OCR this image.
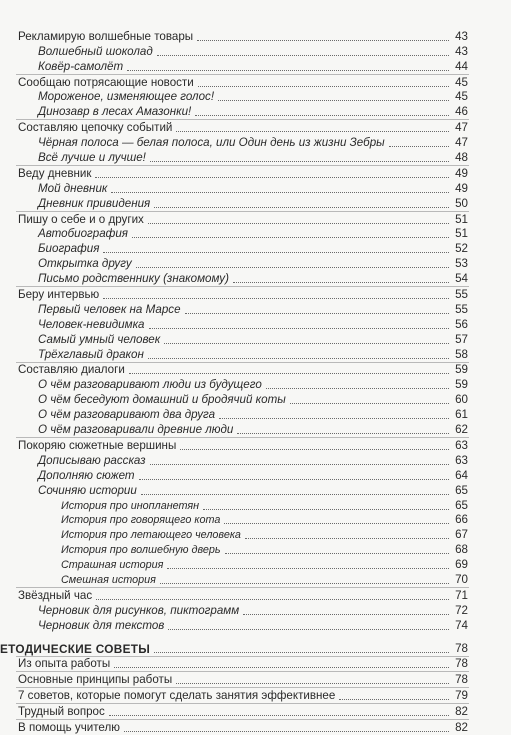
Рекламирую волшебные товары	43
Волшебный шоколад	43
Ковёр-самолёт	44
Сообщаю потрясающие новости	45
Мороженое, изменяющее голос!	45
Динозавр в лесах Амазонки!	46
Составляю цепочку событий	47
Чёрная полоса — белая полоса, или Один день из жизни Зебры	47
Всё лучше и лучше!	48
Веду дневник	49
Мой дневник	49
Дневник привидения	50
Пишу о себе и о других	51
Автобиография	51
Биография	52
Открытка другу	53
Письмо родственнику (знакомому)	54
Беру интервью	55
Первый человек на Марсе	55
Человек-невидимка	56
Самый умный человек	57
Трёхглавый дракон	58
Составляю диалоги	59
О чём разговаривают люди из будущего	59
О чём беседуют домашний и бродячий коты	60
О чём разговаривают два друга	61
О чём разговаривали древние люди	62
Покоряю сюжетные вершины	63
Дописываю рассказ	63
Дополняю сюжет	64
Сочиняю истории	65
История про инопланетян	65
История про говорящего кота	66
История про летающего человека	67
История про волшебную дверь	68
Страшная история	69
Смешная история	70
Звёздный час	71
Черновик для рисунков, пиктограмм	72
Черновик для текстов	74
ЕТОДИЧЕСКИЕ СОВЕТЫ	78
Из опыта работы	78
Основные принципы работы	78
7 советов, которые помогут сделать занятия эффективнее	79
Трудный вопрос	82
В помощь учителю	82
